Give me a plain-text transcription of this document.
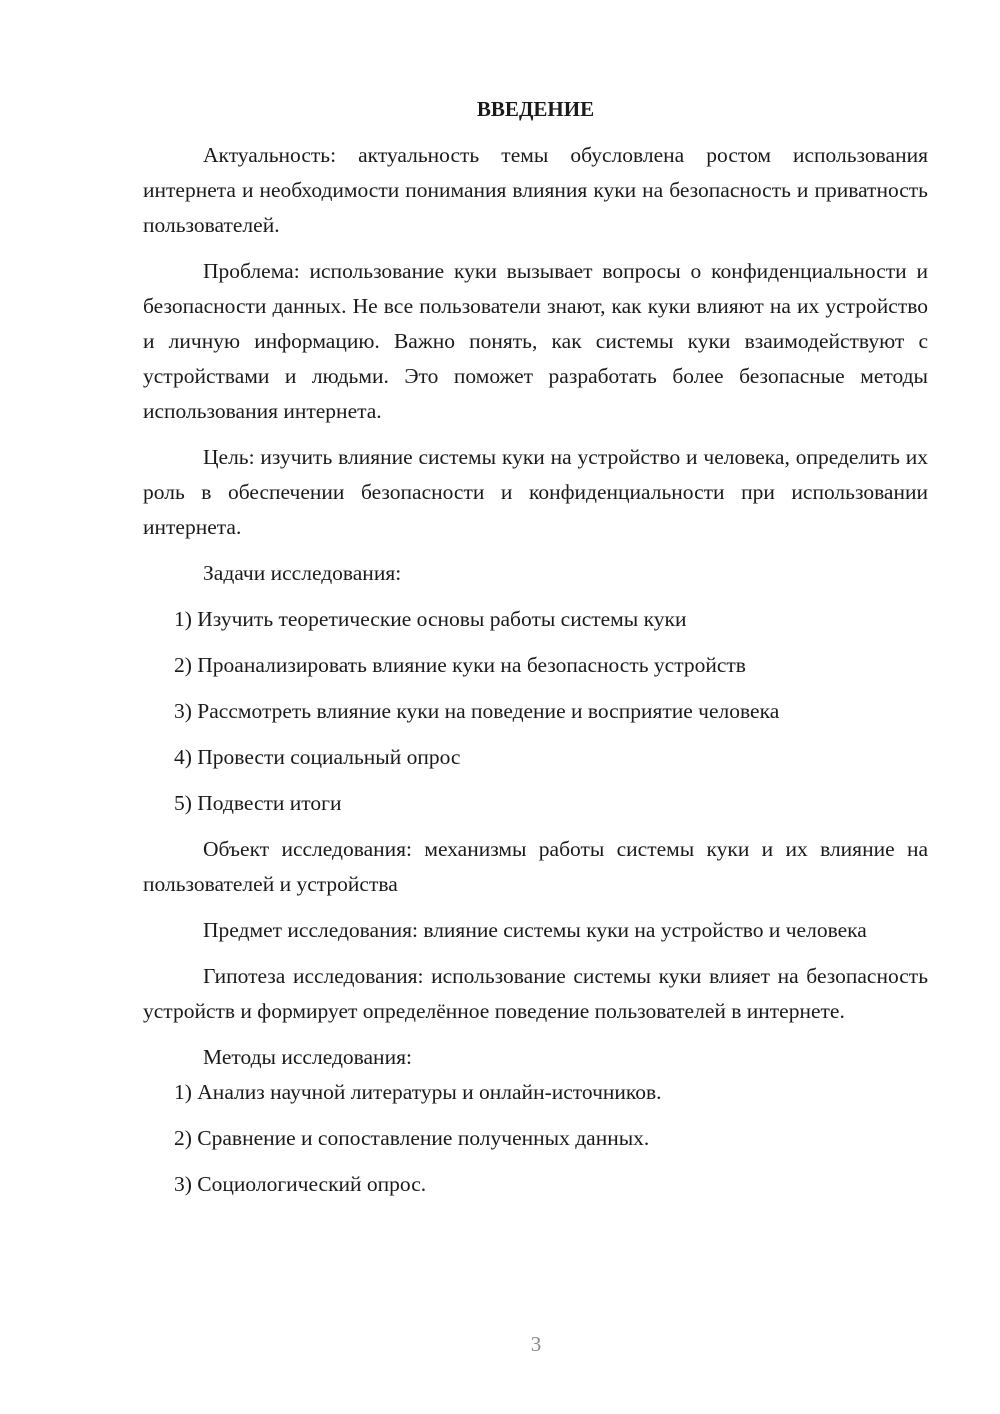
ВВЕДЕНИЕ

Актуальность: актуальность темы обусловлена ростом использования интернета и необходимости понимания влияния куки на безопасность и приватность пользователей.

Проблема: использование куки вызывает вопросы о конфиденциальности и безопасности данных. Не все пользователи знают, как куки влияют на их устройство и личную информацию. Важно понять, как системы куки взаимодействуют с устройствами и людьми. Это поможет разработать более безопасные методы использования интернета.

Цель: изучить влияние системы куки на устройство и человека, определить их роль в обеспечении безопасности и конфиденциальности при использовании интернета.

Задачи исследования:

1) Изучить теоретические основы работы системы куки

2) Проанализировать влияние куки на безопасность устройств

3) Рассмотреть влияние куки на поведение и восприятие человека

4) Провести социальный опрос

5) Подвести итоги

Объект исследования: механизмы работы системы куки и их влияние на пользователей и устройства

Предмет исследования: влияние системы куки на устройство и человека

Гипотеза исследования: использование системы куки влияет на безопасность устройств и формирует определённое поведение пользователей в интернете.

Методы исследования:

1) Анализ научной литературы и онлайн-источников.

2) Сравнение и сопоставление полученных данных.

3) Социологический опрос.

3
